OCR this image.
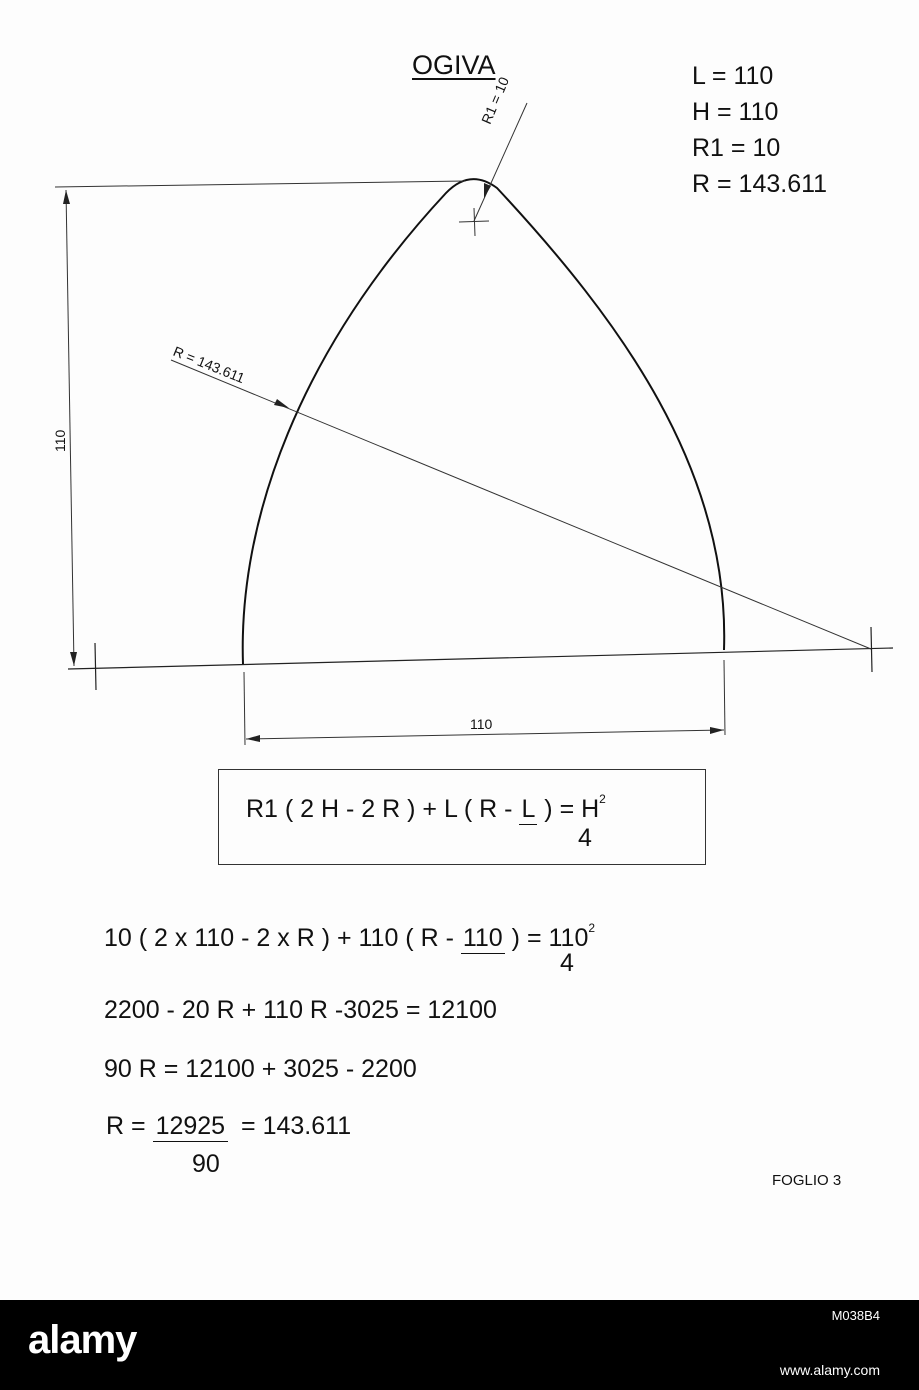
OGIVA	L = 110
H = 110
R1 = 10
R = 143.611
R1 = 10
R = 143.611
110
110
R1 ( 2 H - 2 R ) + L ( R - L ) = $H^2$
4
10 ( 2 x 110 - 2 x R ) + 110 ( R - 110 ) = $110^2$
4
2200 - 20 R + 110 R -3025 = 12100
90 R = 12100 + 3025 - 2200
R = 12925 = 143.611
90
FOGLIO 3
alamy
M038B4
www.alamy.com
